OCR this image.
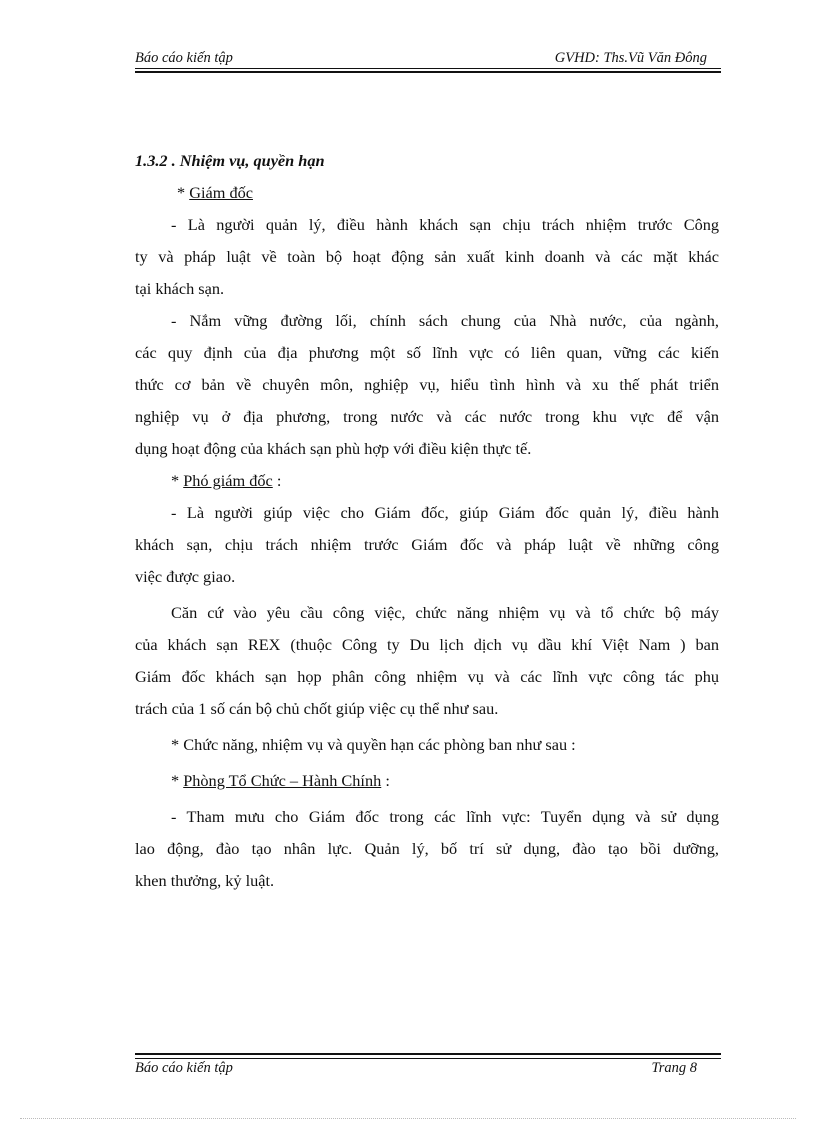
Báo cáo kiến tập	GVHD: Ths.Vũ Văn Đông

1.3.2 . Nhiệm vụ, quyền hạn

* Giám đốc

- Là người quản lý, điều hành khách sạn chịu trách nhiệm trước Công
ty và pháp luật về toàn bộ hoạt động sản xuất kinh doanh và các mặt khác
tại khách sạn.

- Nắm vững đường lối, chính sách chung của Nhà nước, của ngành,
các quy định của địa phương một số lĩnh vực có liên quan, vững các kiến
thức cơ bản về chuyên môn, nghiệp vụ, hiểu tình hình và xu thế phát triển
nghiệp vụ ở địa phương, trong nước và các nước trong khu vực để vận
dụng hoạt động của khách sạn phù hợp với điều kiện thực tế.

* Phó giám đốc :

- Là người giúp việc cho Giám đốc, giúp Giám đốc quản lý, điều hành
khách sạn, chịu trách nhiệm trước Giám đốc và pháp luật về những công
việc được giao.

Căn cứ vào yêu cầu công việc, chức năng nhiệm vụ và tổ chức bộ máy
của khách sạn REX (thuộc Công ty Du lịch dịch vụ dầu khí Việt Nam ) ban
Giám đốc khách sạn họp phân công nhiệm vụ và các lĩnh vực công tác phụ
trách của 1 số cán bộ chủ chốt giúp việc cụ thể như sau.

* Chức năng, nhiệm vụ và quyền hạn các phòng ban như sau :

* Phòng Tổ Chức – Hành Chính :

- Tham mưu cho Giám đốc trong các lĩnh vực: Tuyển dụng và sử dụng
lao động, đào tạo nhân lực. Quản lý, bố trí sử dụng, đào tạo bồi dưỡng,
khen thưởng, kỷ luật.

Báo cáo kiến tập	Trang 8
